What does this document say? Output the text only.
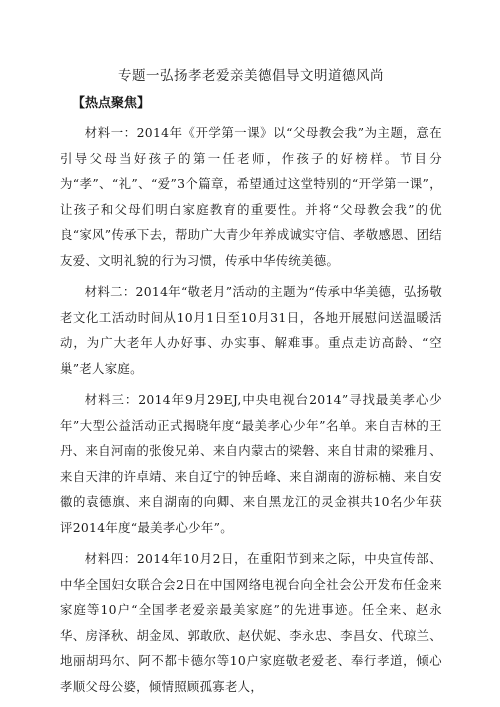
专题一弘扬孝老爱亲美德倡导文明道德风尚
【热点聚焦】

材料一：2014年《开学第一课》以“父母教会我”为主题，意在引导父母当好孩子的第一任老师，作孩子的好榜样。节目分为“孝”、“礼”、“爱”3个篇章，希望通过这堂特别的“开学第一课”，让孩子和父母们明白家庭教育的重要性。并将“父母教会我”的优良“家风”传承下去，帮助广大青少年养成诚实守信、孝敬感恩、团结友爱、文明礼貌的行为习惯，传承中华传统美德。

材料二：2014年“敬老月”活动的主题为“传承中华美德，弘扬敬老文化工活动时间从10月1日至10月31日，各地开展慰问送温暖活动，为广大老年人办好事、办实事、解难事。重点走访高龄、“空巢”老人家庭。

材料三：2014年9月29EJ,中央电视台2014”寻找最美孝心少年”大型公益活动正式揭晓年度“最美孝心少年”名单。来自吉林的王丹、来自河南的张俊兄弟、来自内蒙古的梁磐、来自甘肃的梁雅月、来自天津的许卓靖、来自辽宁的钟岳峰、来自湖南的游标楠、来自安徽的袁德旗、来自湖南的向卿、来自黑龙江的灵金祺共10名少年获评2014年度“最美孝心少年”。

材料四：2014年10月2日，在重阳节到来之际，中央宣传部、中华全国妇女联合会2日在中国网络电视台向全社会公开发布任金来家庭等10户“全国孝老爱亲最美家庭”的先进事迹。任全来、赵永华、房泽秋、胡金凤、郭敢欣、赵伏妮、李永忠、李昌女、代琼兰、地丽胡玛尔、阿不都卡德尔等10户家庭敬老爱老、奉行孝道，倾心孝顺父母公婆，倾情照顾孤寡老人，
